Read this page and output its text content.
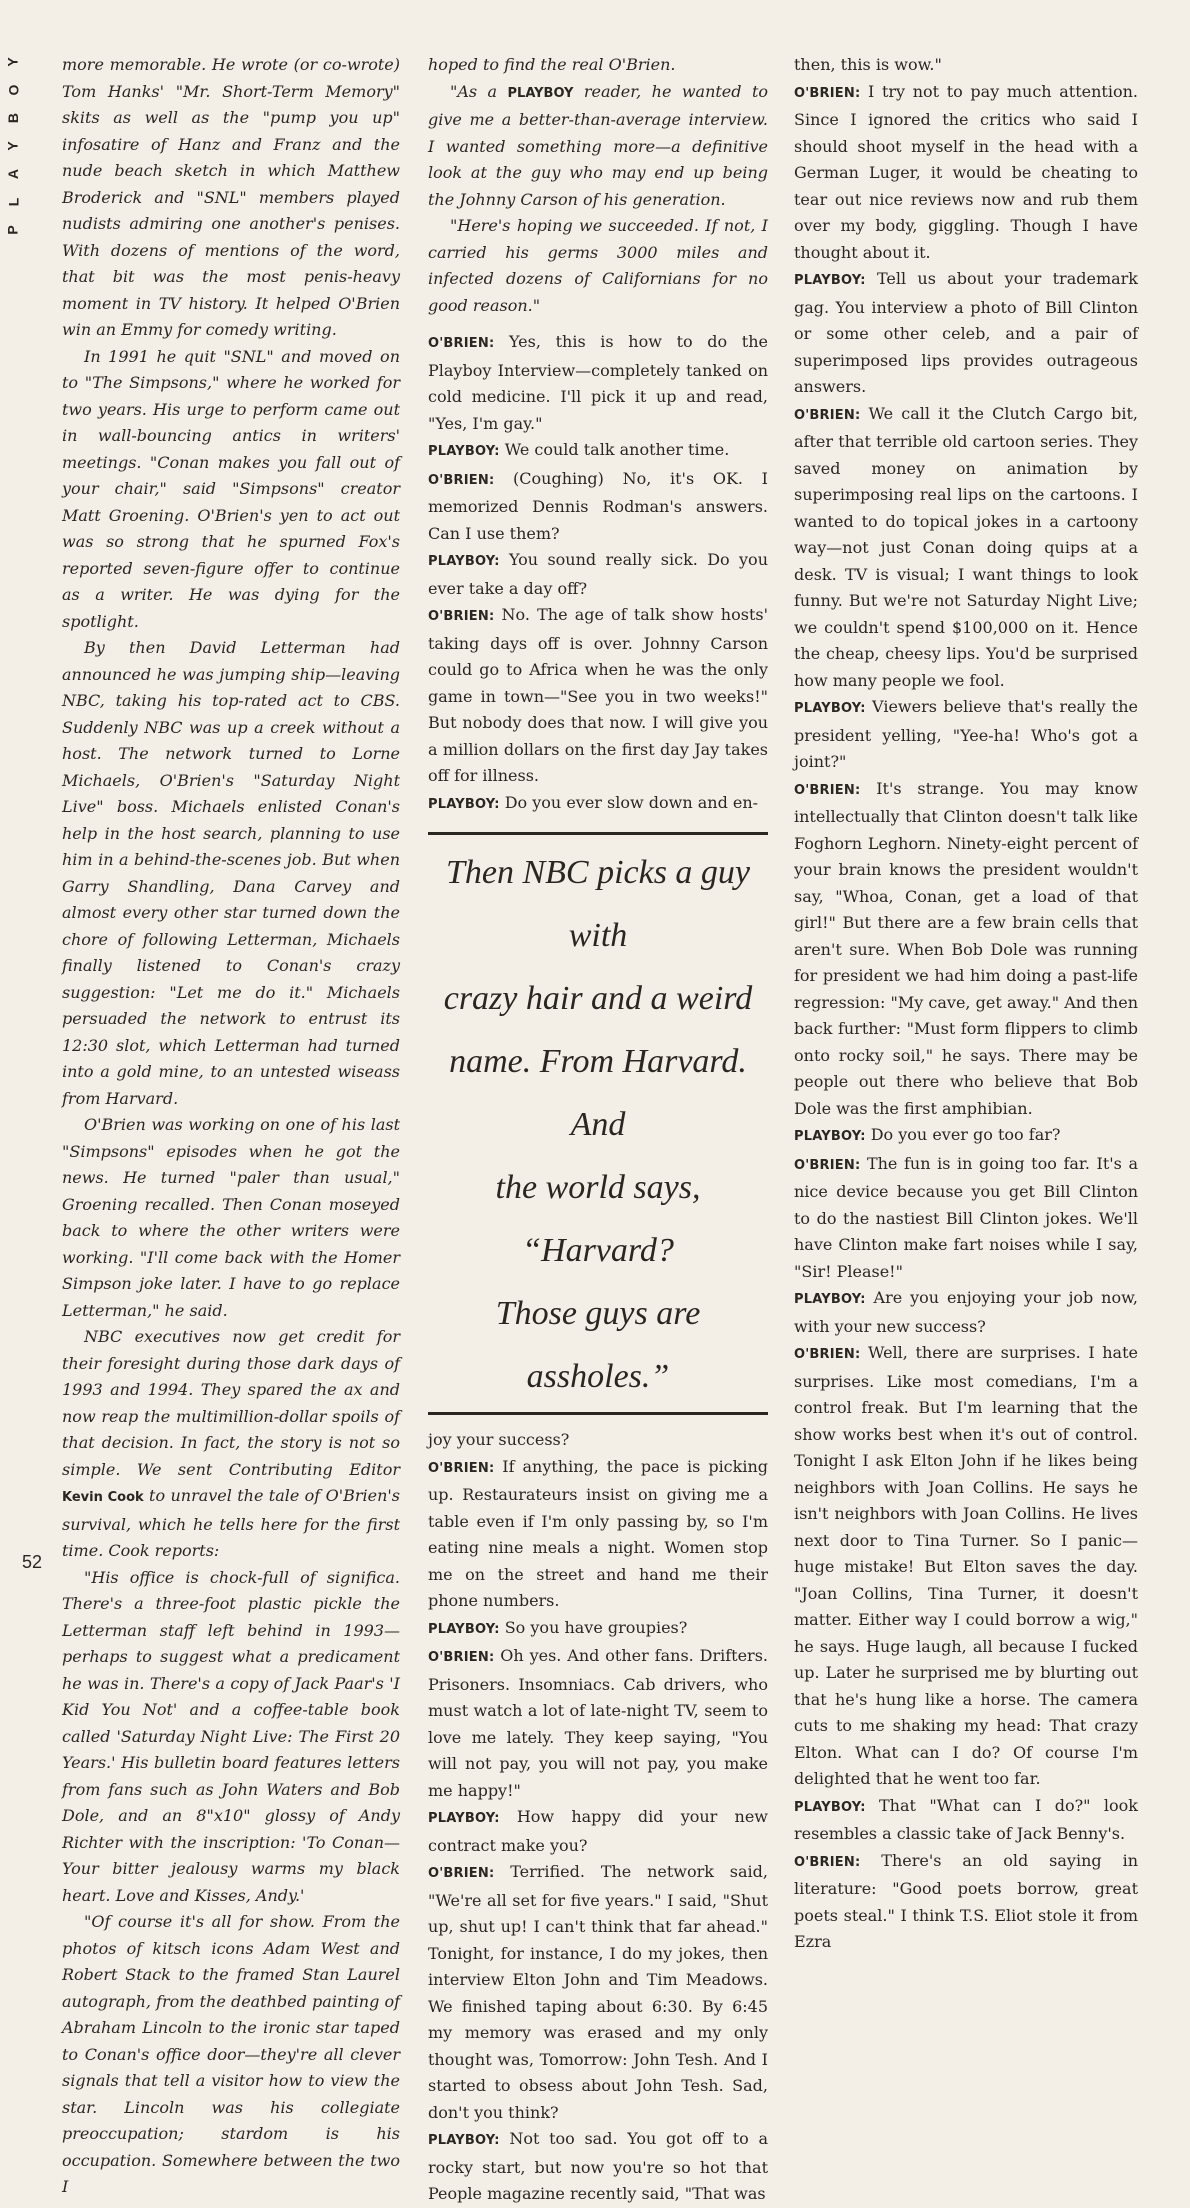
Y
O
B
Y
A
L
P
52

more memorable. He wrote (or co-wrote) Tom Hanks' "Mr. Short-Term Memory" skits as well as the "pump you up" infosatire of Hanz and Franz and the nude beach sketch in which Matthew Broderick and "SNL" members played nudists admiring one another's penises. With dozens of mentions of the word, that bit was the most penis-heavy moment in TV history. It helped O'Brien win an Emmy for comedy writing.

In 1991 he quit "SNL" and moved on to "The Simpsons," where he worked for two years. His urge to perform came out in wall-bouncing antics in writers' meetings. "Conan makes you fall out of your chair," said "Simpsons" creator Matt Groening. O'Brien's yen to act out was so strong that he spurned Fox's reported seven-figure offer to continue as a writer. He was dying for the spotlight.

By then David Letterman had announced he was jumping ship—leaving NBC, taking his top-rated act to CBS. Suddenly NBC was up a creek without a host. The network turned to Lorne Michaels, O'Brien's "Saturday Night Live" boss. Michaels enlisted Conan's help in the host search, planning to use him in a behind-the-scenes job. But when Garry Shandling, Dana Carvey and almost every other star turned down the chore of following Letterman, Michaels finally listened to Conan's crazy suggestion: "Let me do it." Michaels persuaded the network to entrust its 12:30 slot, which Letterman had turned into a gold mine, to an untested wiseass from Harvard.

O'Brien was working on one of his last "Simpsons" episodes when he got the news. He turned "paler than usual," Groening recalled. Then Conan moseyed back to where the other writers were working. "I'll come back with the Homer Simpson joke later. I have to go replace Letterman," he said.

NBC executives now get credit for their foresight during those dark days of 1993 and 1994. They spared the ax and now reap the multimillion-dollar spoils of that decision. In fact, the story is not so simple. We sent Contributing Editor Kevin Cook to unravel the tale of O'Brien's survival, which he tells here for the first time. Cook reports:

"His office is chock-full of significa. There's a three-foot plastic pickle the Letterman staff left behind in 1993—perhaps to suggest what a predicament he was in. There's a copy of Jack Paar's 'I Kid You Not' and a coffee-table book called 'Saturday Night Live: The First 20 Years.' His bulletin board features letters from fans such as John Waters and Bob Dole, and an 8"x10" glossy of Andy Richter with the inscription: 'To Conan—Your bitter jealousy warms my black heart. Love and Kisses, Andy.'

"Of course it's all for show. From the photos of kitsch icons Adam West and Robert Stack to the framed Stan Laurel autograph, from the deathbed painting of Abraham Lincoln to the ironic star taped to Conan's office door—they're all clever signals that tell a visitor how to view the star. Lincoln was his collegiate preoccupation; stardom is his occupation. Somewhere between the two I

hoped to find the real O'Brien.

"As a PLAYBOY reader, he wanted to give me a better-than-average interview. I wanted something more—a definitive look at the guy who may end up being the Johnny Carson of his generation.

"Here's hoping we succeeded. If not, I carried his germs 3000 miles and infected dozens of Californians for no good reason."

O'BRIEN: Yes, this is how to do the Playboy Interview—completely tanked on cold medicine. I'll pick it up and read, "Yes, I'm gay."

PLAYBOY: We could talk another time.

O'BRIEN: (Coughing) No, it's OK. I memorized Dennis Rodman's answers. Can I use them?

PLAYBOY: You sound really sick. Do you ever take a day off?

O'BRIEN: No. The age of talk show hosts' taking days off is over. Johnny Carson could go to Africa when he was the only game in town—"See you in two weeks!" But nobody does that now. I will give you a million dollars on the first day Jay takes off for illness.

PLAYBOY: Do you ever slow down and en-

Then NBC picks a guy with
crazy hair and a weird
name. From Harvard. And
the world says, “Harvard?
Those guys are assholes.”

joy your success?

O'BRIEN: If anything, the pace is picking up. Restaurateurs insist on giving me a table even if I'm only passing by, so I'm eating nine meals a night. Women stop me on the street and hand me their phone numbers.

PLAYBOY: So you have groupies?

O'BRIEN: Oh yes. And other fans. Drifters. Prisoners. Insomniacs. Cab drivers, who must watch a lot of late-night TV, seem to love me lately. They keep saying, "You will not pay, you will not pay, you make me happy!"

PLAYBOY: How happy did your new contract make you?

O'BRIEN: Terrified. The network said, "We're all set for five years." I said, "Shut up, shut up! I can't think that far ahead." Tonight, for instance, I do my jokes, then interview Elton John and Tim Meadows. We finished taping about 6:30. By 6:45 my memory was erased and my only thought was, Tomorrow: John Tesh. And I started to obsess about John Tesh. Sad, don't you think?

PLAYBOY: Not too sad. You got off to a rocky start, but now you're so hot that People magazine recently said, "That was

then, this is wow."

O'BRIEN: I try not to pay much attention. Since I ignored the critics who said I should shoot myself in the head with a German Luger, it would be cheating to tear out nice reviews now and rub them over my body, giggling. Though I have thought about it.

PLAYBOY: Tell us about your trademark gag. You interview a photo of Bill Clinton or some other celeb, and a pair of superimposed lips provides outrageous answers.

O'BRIEN: We call it the Clutch Cargo bit, after that terrible old cartoon series. They saved money on animation by superimposing real lips on the cartoons. I wanted to do topical jokes in a cartoony way—not just Conan doing quips at a desk. TV is visual; I want things to look funny. But we're not Saturday Night Live; we couldn't spend $100,000 on it. Hence the cheap, cheesy lips. You'd be surprised how many people we fool.

PLAYBOY: Viewers believe that's really the president yelling, "Yee-ha! Who's got a joint?"

O'BRIEN: It's strange. You may know intellectually that Clinton doesn't talk like Foghorn Leghorn. Ninety-eight percent of your brain knows the president wouldn't say, "Whoa, Conan, get a load of that girl!" But there are a few brain cells that aren't sure. When Bob Dole was running for president we had him doing a past-life regression: "My cave, get away." And then back further: "Must form flippers to climb onto rocky soil," he says. There may be people out there who believe that Bob Dole was the first amphibian.

PLAYBOY: Do you ever go too far?

O'BRIEN: The fun is in going too far. It's a nice device because you get Bill Clinton to do the nastiest Bill Clinton jokes. We'll have Clinton make fart noises while I say, "Sir! Please!"

PLAYBOY: Are you enjoying your job now, with your new success?

O'BRIEN: Well, there are surprises. I hate surprises. Like most comedians, I'm a control freak. But I'm learning that the show works best when it's out of control. Tonight I ask Elton John if he likes being neighbors with Joan Collins. He says he isn't neighbors with Joan Collins. He lives next door to Tina Turner. So I panic—huge mistake! But Elton saves the day. "Joan Collins, Tina Turner, it doesn't matter. Either way I could borrow a wig," he says. Huge laugh, all because I fucked up. Later he surprised me by blurting out that he's hung like a horse. The camera cuts to me shaking my head: That crazy Elton. What can I do? Of course I'm delighted that he went too far.

PLAYBOY: That "What can I do?" look resembles a classic take of Jack Benny's.

O'BRIEN: There's an old saying in literature: "Good poets borrow, great poets steal." I think T.S. Eliot stole it from Ezra
